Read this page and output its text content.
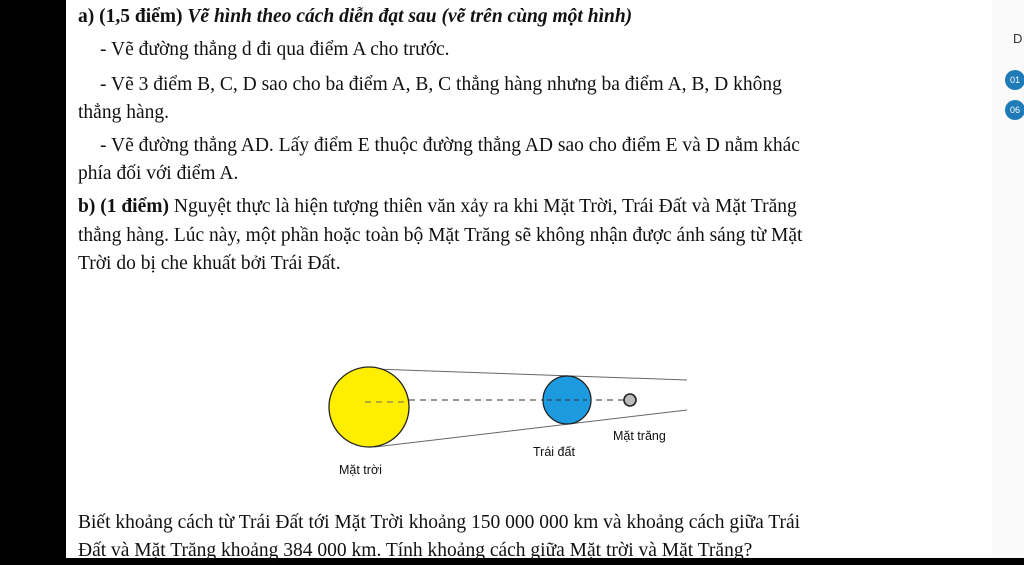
a) (1,5 điểm) Vẽ hình theo cách diễn đạt sau (vẽ trên cùng một hình)
- Vẽ đường thẳng d đi qua điểm A cho trước.
- Vẽ 3 điểm B, C, D sao cho ba điểm A, B, C thẳng hàng nhưng ba điểm A, B, D không
thẳng hàng.
- Vẽ đường thẳng AD. Lấy điểm E thuộc đường thẳng AD sao cho điểm E và D nằm khác
phía đối với điểm A.
b) (1 điểm) Nguyệt thực là hiện tượng thiên văn xảy ra khi Mặt Trời, Trái Đất và Mặt Trăng
thẳng hàng. Lúc này, một phần hoặc toàn bộ Mặt Trăng sẽ không nhận được ánh sáng từ Mặt
Trời do bị che khuất bởi Trái Đất.
Mặt trăng
Trái đất
Mặt trời
Biết khoảng cách từ Trái Đất tới Mặt Trời khoảng 150 000 000 km và khoảng cách giữa Trái
Đất và Mặt Trăng khoảng 384 000 km. Tính khoảng cách giữa Mặt trời và Mặt Trăng?
D
01
06
